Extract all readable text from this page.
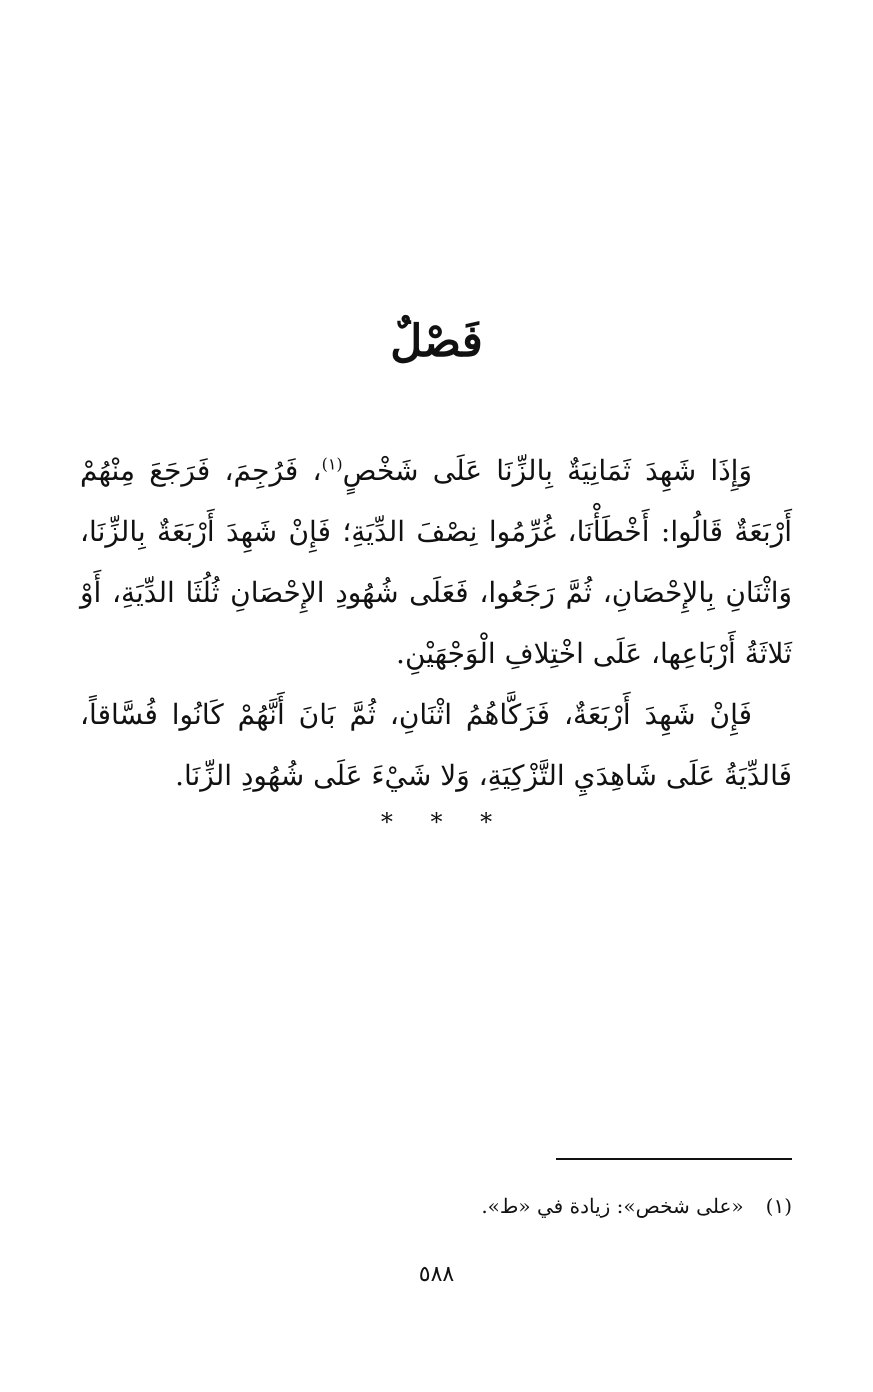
فَصْلٌ

وَإِذَا شَهِدَ ثَمَانِيَةٌ بِالزِّنَا عَلَى شَخْصٍ$^{(١)}$، فَرُجِمَ، فَرَجَعَ مِنْهُمْ أَرْبَعَةٌ قَالُوا: أَخْطَأْنَا، غُرِّمُوا نِصْفَ الدِّيَةِ؛ فَإِنْ شَهِدَ أَرْبَعَةٌ بِالزِّنَا، وَاثْنَانِ بِالإِحْصَانِ، ثُمَّ رَجَعُوا، فَعَلَى شُهُودِ الإِحْصَانِ ثُلُثَا الدِّيَةِ، أَوْ ثَلاثَةُ أَرْبَاعِها، عَلَى اخْتِلافِ الْوَجْهَيْنِ.

فَإِنْ شَهِدَ أَرْبَعَةٌ، فَزَكَّاهُمُ اثْنَانِ، ثُمَّ بَانَ أَنَّهُمْ كَانُوا فُسَّاقاً، فَالدِّيَةُ عَلَى شَاهِدَيِ التَّزْكِيَةِ، وَلا شَيْءَ عَلَى شُهُودِ الزِّنَا.

* * *
(١)«على شخص»: زيادة في «ط».
٥٨٨
